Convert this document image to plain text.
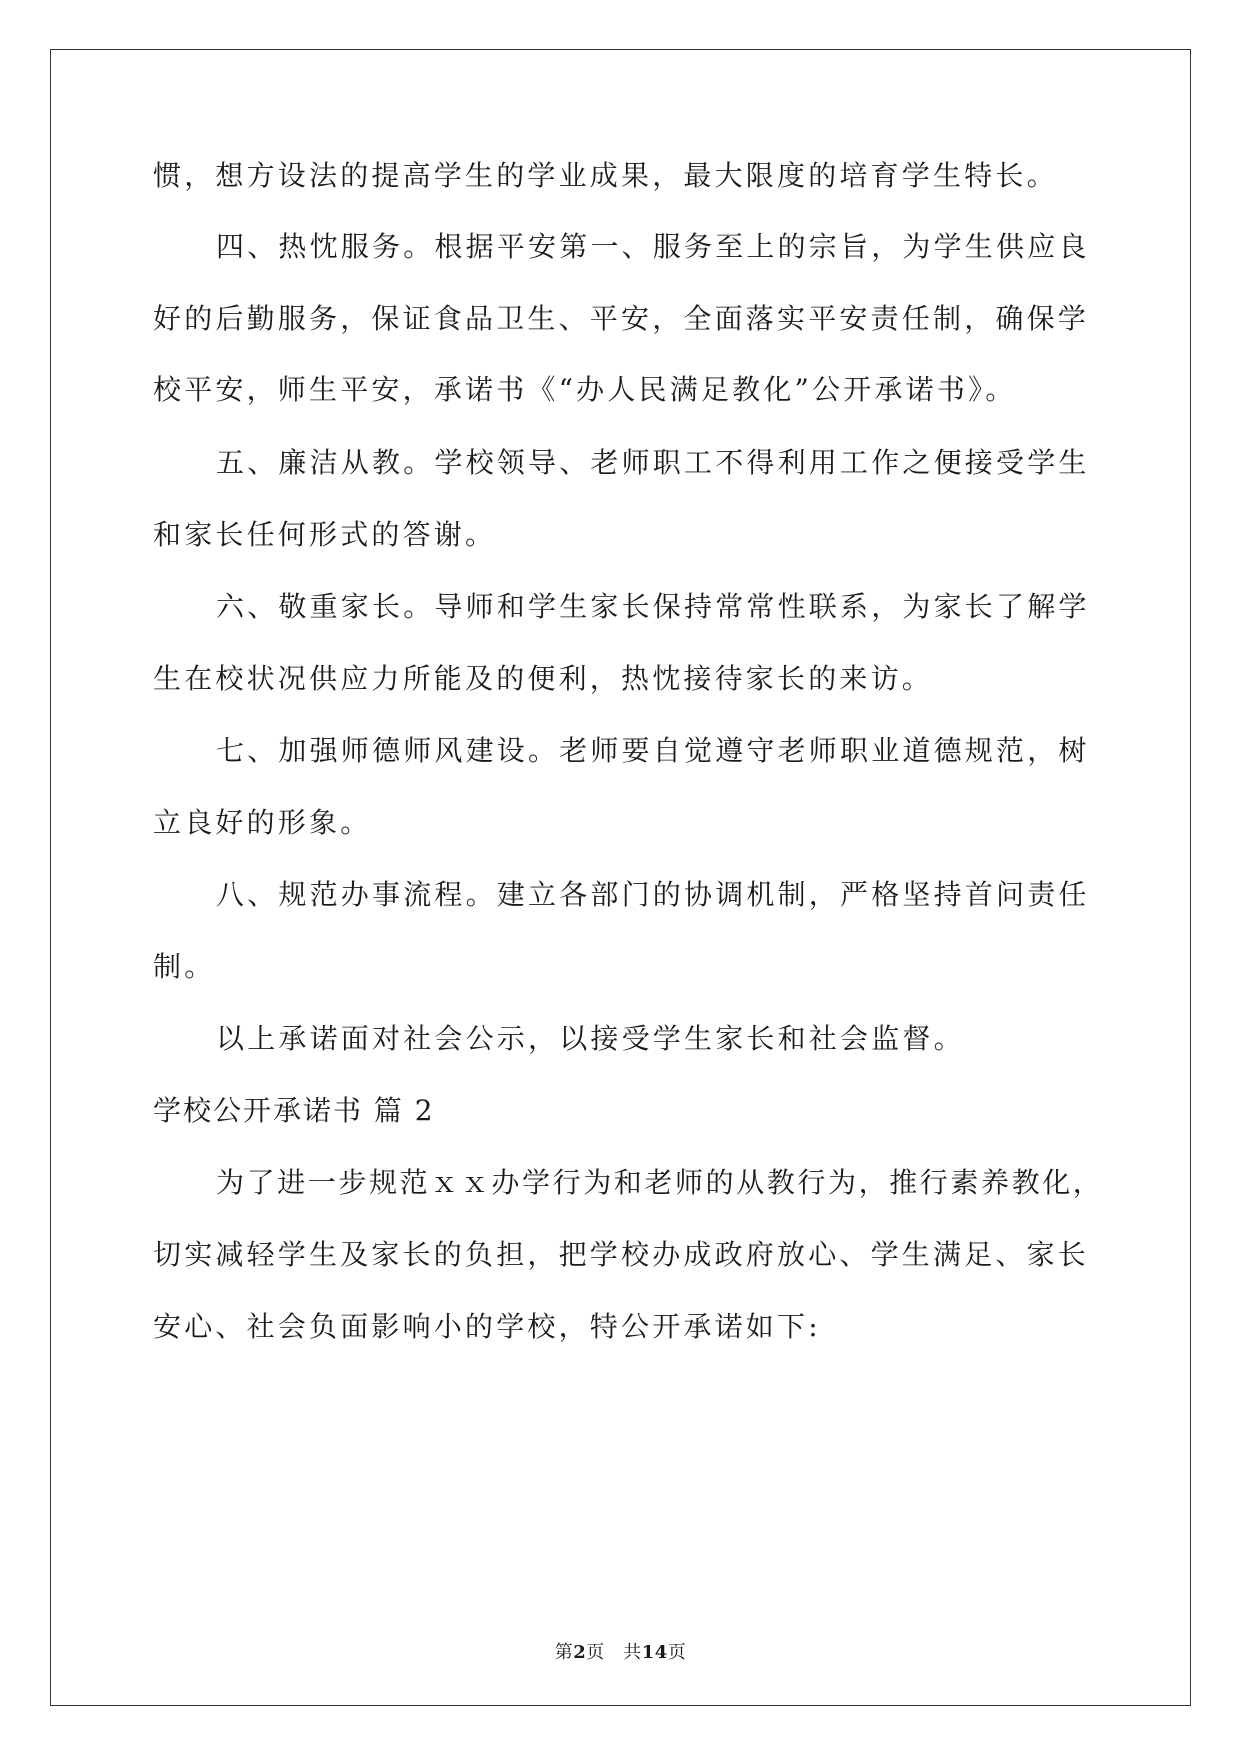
惯，想方设法的提高学生的学业成果，最大限度的培育学生特长。
四、热忱服务。根据平安第一、服务至上的宗旨，为学生供应良
好的后勤服务，保证食品卫生、平安，全面落实平安责任制，确保学
校平安，师生平安，承诺书《“办人民满足教化”公开承诺书》。
五、廉洁从教。学校领导、老师职工不得利用工作之便接受学生
和家长任何形式的答谢。
六、敬重家长。导师和学生家长保持常常性联系，为家长了解学
生在校状况供应力所能及的便利，热忱接待家长的来访。
七、加强师德师风建设。老师要自觉遵守老师职业道德规范，树
立良好的形象。
八、规范办事流程。建立各部门的协调机制，严格坚持首问责任
制。
以上承诺面对社会公示，以接受学生家长和社会监督。
学校公开承诺书 篇 2
为了进一步规范ｘｘ办学行为和老师的从教行为，推行素养教化，
切实减轻学生及家长的负担，把学校办成政府放心、学生满足、家长
安心、社会负面影响小的学校，特公开承诺如下:
第2页　共14页
